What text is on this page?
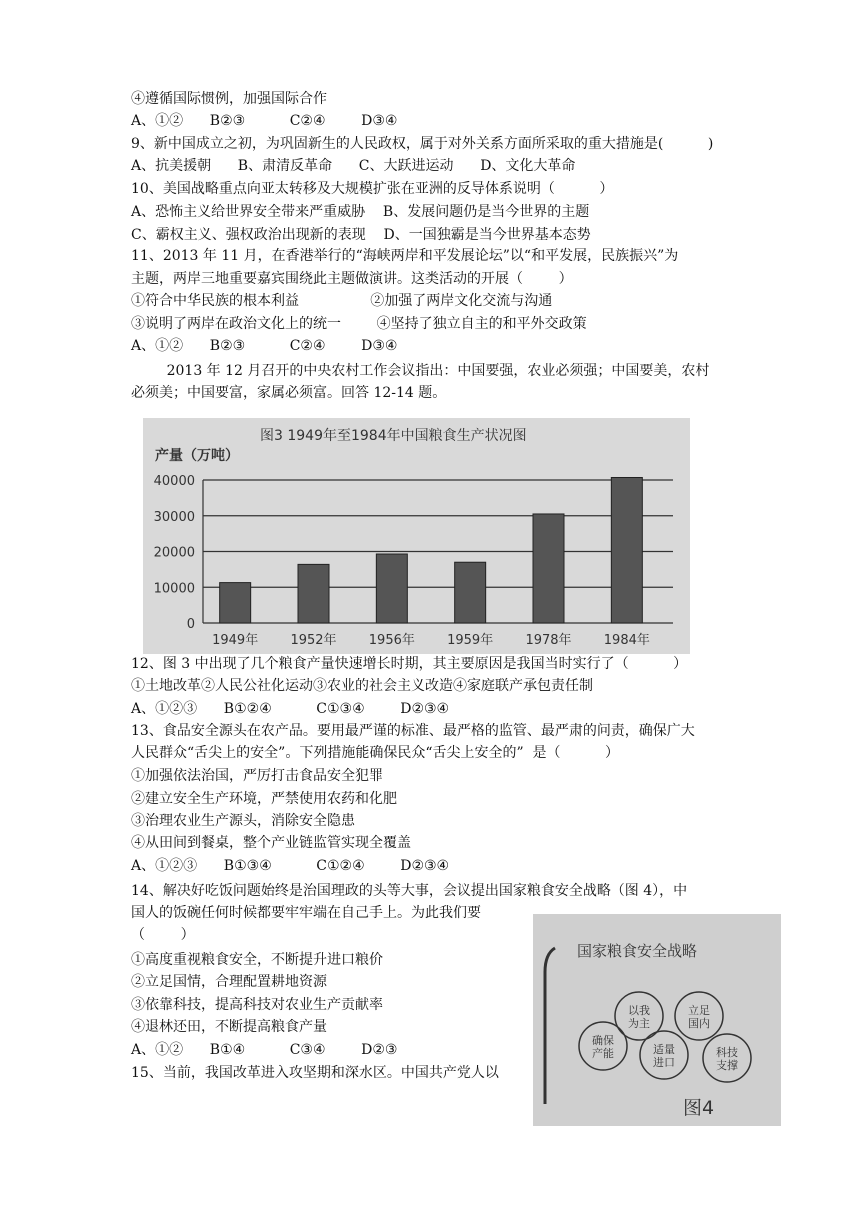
④遵循国际惯例，加强国际合作
A、①②      B②③          C②④        D③④
9、新中国成立之初，为巩固新生的人民政权，属于对外关系方面所采取的重大措施是(          )
A、抗美援朝      B、肃清反革命      C、大跃进运动      D、文化大革命
10、美国战略重点向亚太转移及大规模扩张在亚洲的反导体系说明（          ）
A、恐怖主义给世界安全带来严重威胁    B、发展问题仍是当今世界的主题
C、霸权主义、强权政治出现新的表现    D、一国独霸是当今世界基本态势
11、2013 年 11 月，在香港举行的“海峡两岸和平发展论坛”以“和平发展，民族振兴”为
主题，两岸三地重要嘉宾围绕此主题做演讲。这类活动的开展（        ）
①符合中华民族的根本利益                ②加强了两岸文化交流与沟通
③说明了两岸在政治文化上的统一        ④坚持了独立自主的和平外交政策
A、①②      B②③          C②④        D③④
2013 年 12 月召开的中央农村工作会议指出：中国要强，农业必须强；中国要美，农村
必须美；中国要富，家属必须富。回答 12-14 题。
12、图 3 中出现了几个粮食产量快速增长时期，其主要原因是我国当时实行了（          ）
①土地改革②人民公社化运动③农业的社会主义改造④家庭联产承包责任制
A、①②③      B①②④          C①③④        D②③④
13、食品安全源头在农产品。要用最严谨的标准、最严格的监管、最严肃的问责，确保广大
人民群众“舌尖上的安全”。下列措施能确保民众“舌尖上安全的”  是（          ）
①加强依法治国，严厉打击食品安全犯罪
②建立安全生产环境，严禁使用农药和化肥
③治理农业生产源头，消除安全隐患
④从田间到餐桌，整个产业链监管实现全覆盖
A、①②③      B①③④          C①②④        D②③④
14、解决好吃饭问题始终是治国理政的头等大事，会议提出国家粮食安全战略（图 4），中
国人的饭碗任何时候都要牢牢端在自己手上。为此我们要
（        ）
①高度重视粮食安全，不断提升进口粮价
②立足国情，合理配置耕地资源
③依靠科技，提高科技对农业生产贡献率
④退林还田，不断提高粮食产量
A、①②      B①④          C③④        D②③
15、当前，我国改革进入攻坚期和深水区。中国共产党人以
图3 1949年至1984年中国粮食生产状况图
产量（万吨）
40000
30000
20000
10000
0
1949年 1952年 1956年 1959年 1978年 1984年
国家粮食安全战略
以我为主
立足国内
确保产能	适量进口
科技支撑
图4
